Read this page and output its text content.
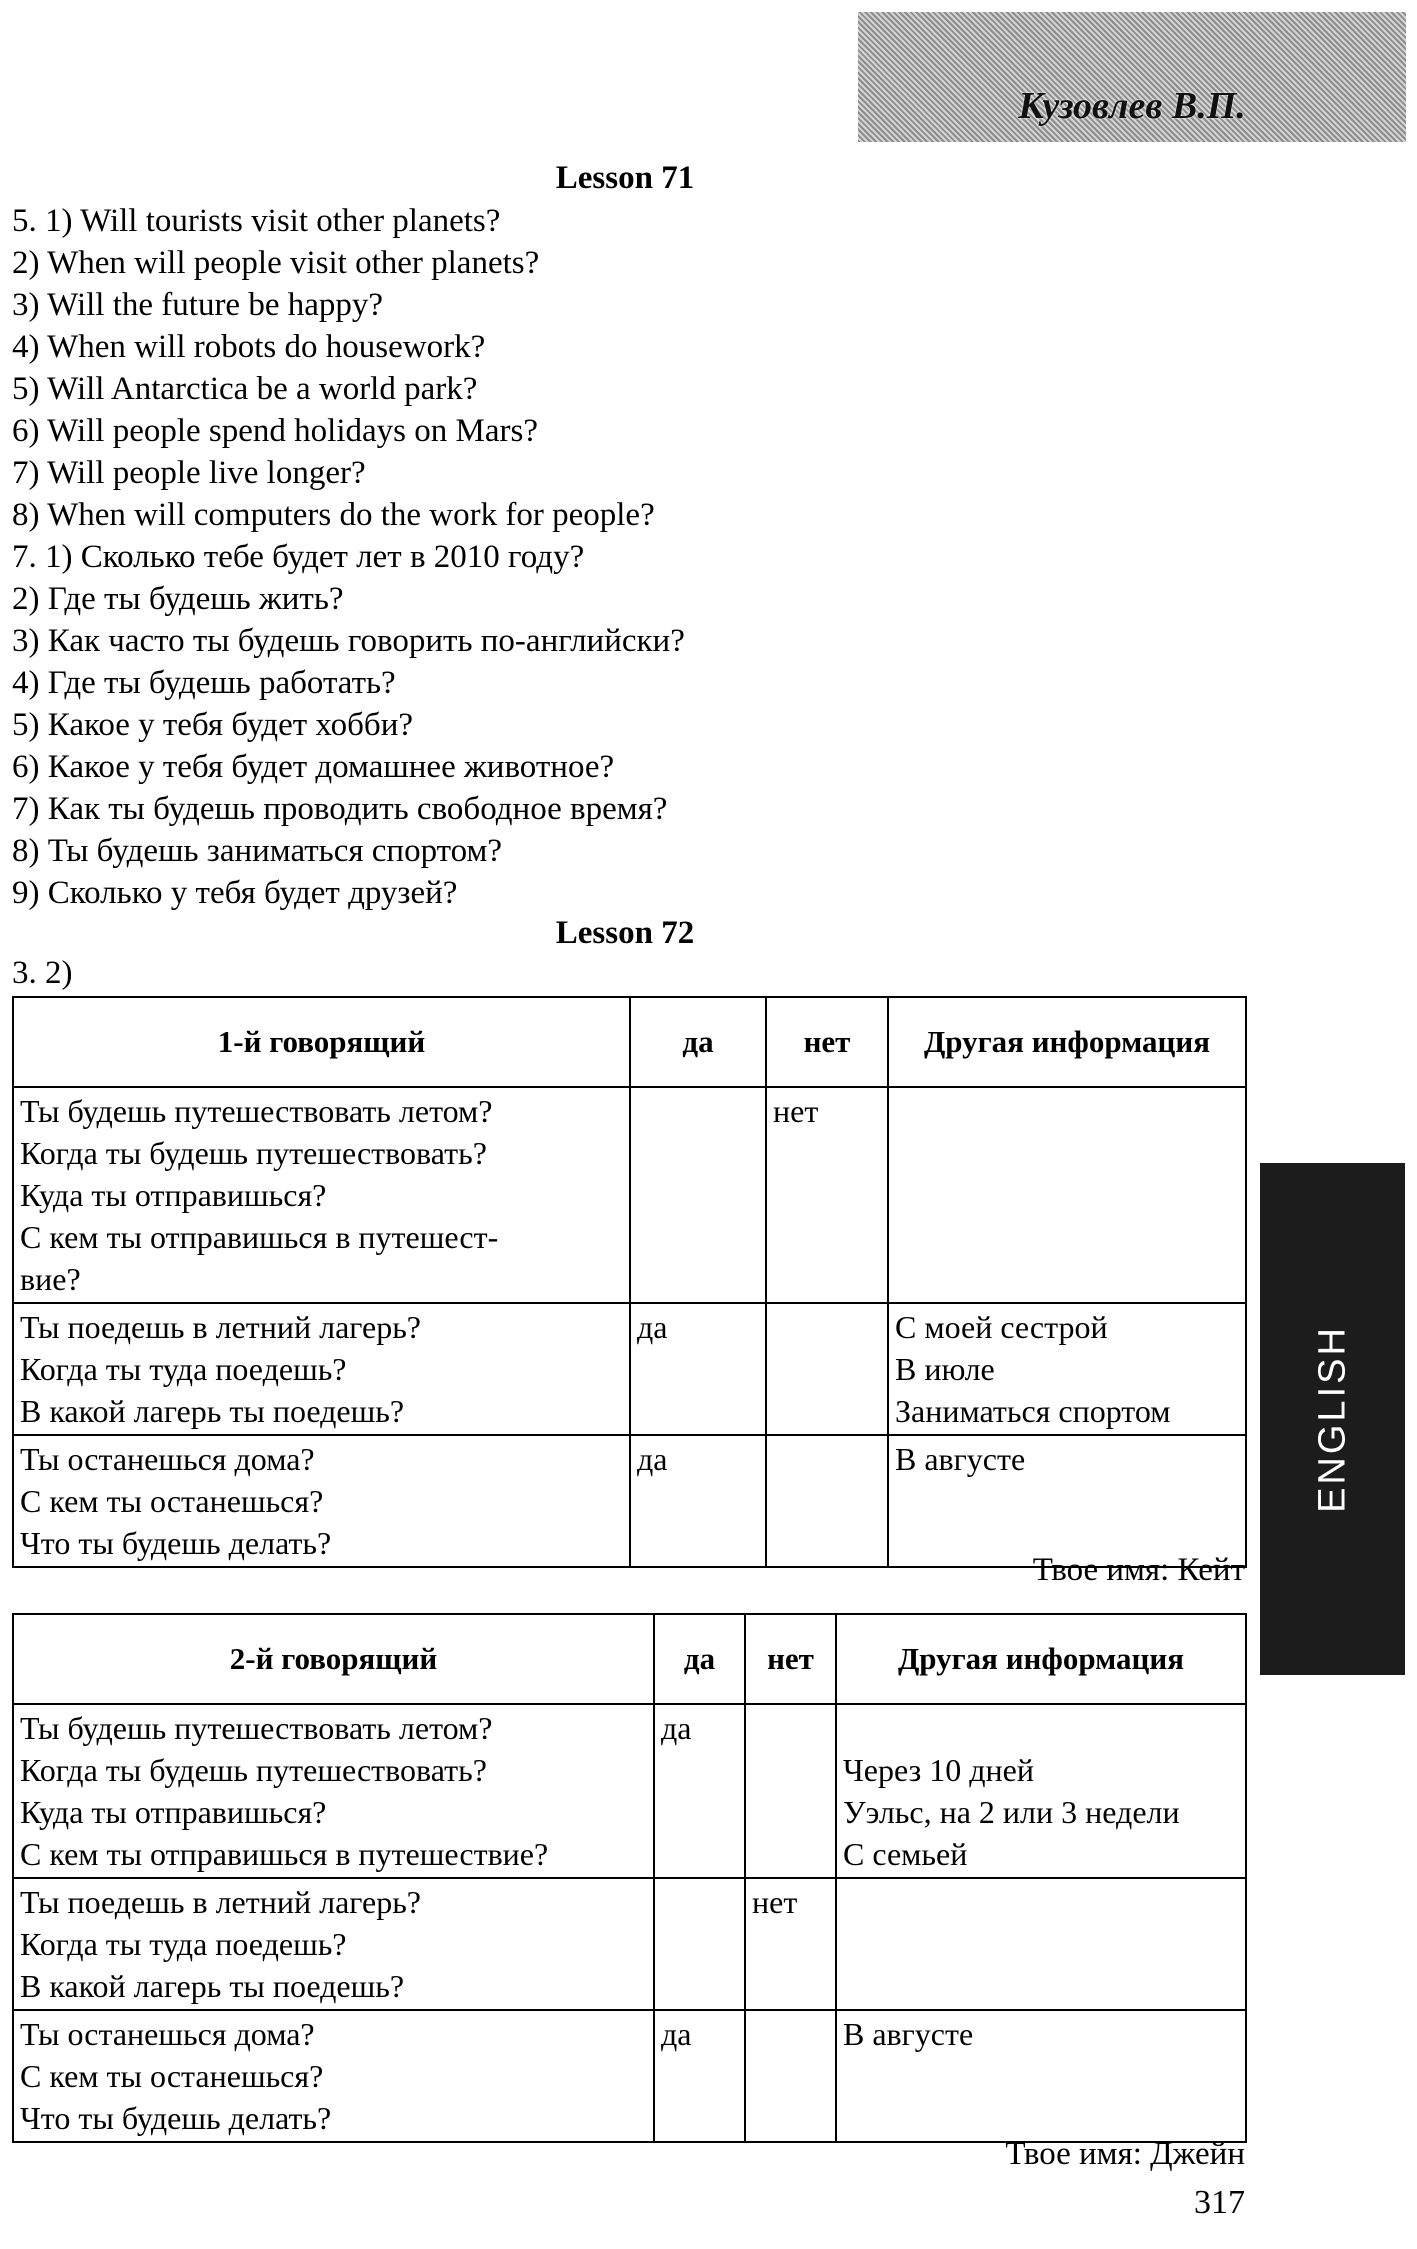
Кузовлев В.П.
Lesson 71
5. 1) Will tourists visit other planets?
2) When will people visit other planets?
3) Will the future be happy?
4) When will robots do housework?
5) Will Antarctica be a world park?
6) Will people spend holidays on Mars?
7) Will people live longer?
8) When will computers do the work for people?
7. 1) Сколько тебе будет лет в 2010 году?
2) Где ты будешь жить?
3) Как часто ты будешь говорить по-английски?
4) Где ты будешь работать?
5) Какое у тебя будет хобби?
6) Какое у тебя будет домашнее животное?
7) Как ты будешь проводить свободное время?
8) Ты будешь заниматься спортом?
9) Сколько у тебя будет друзей?
Lesson 72
3. 2)
1-й говорящий	да	нет	Другая информация

Ты будешь путешествовать летом?
Когда ты будешь путешествовать?
Куда ты отправишься?
С кем ты отправишься в путешест-
вие?		нет	

Ты поедешь в летний лагерь?
Когда ты туда поедешь?
В какой лагерь ты поедешь?	да		С моей сестрой
В июле
Заниматься спортом

Ты останешься дома?
С кем ты останешься?
Что ты будешь делать?	да		В августе
Твое имя: Кейт
2-й говорящий	да	нет	Другая информация

Ты будешь путешествовать летом?
Когда ты будешь путешествовать?
Куда ты отправишься?
С кем ты отправишься в путешествие?	да		Через 10 дней
Уэльс, на 2 или 3 недели
С семьей

Ты поедешь в летний лагерь?
Когда ты туда поедешь?
В какой лагерь ты поедешь?		нет	

Ты останешься дома?
С кем ты останешься?
Что ты будешь делать?	да		В августе
Твое имя: Джейн
ENGLISH
317
